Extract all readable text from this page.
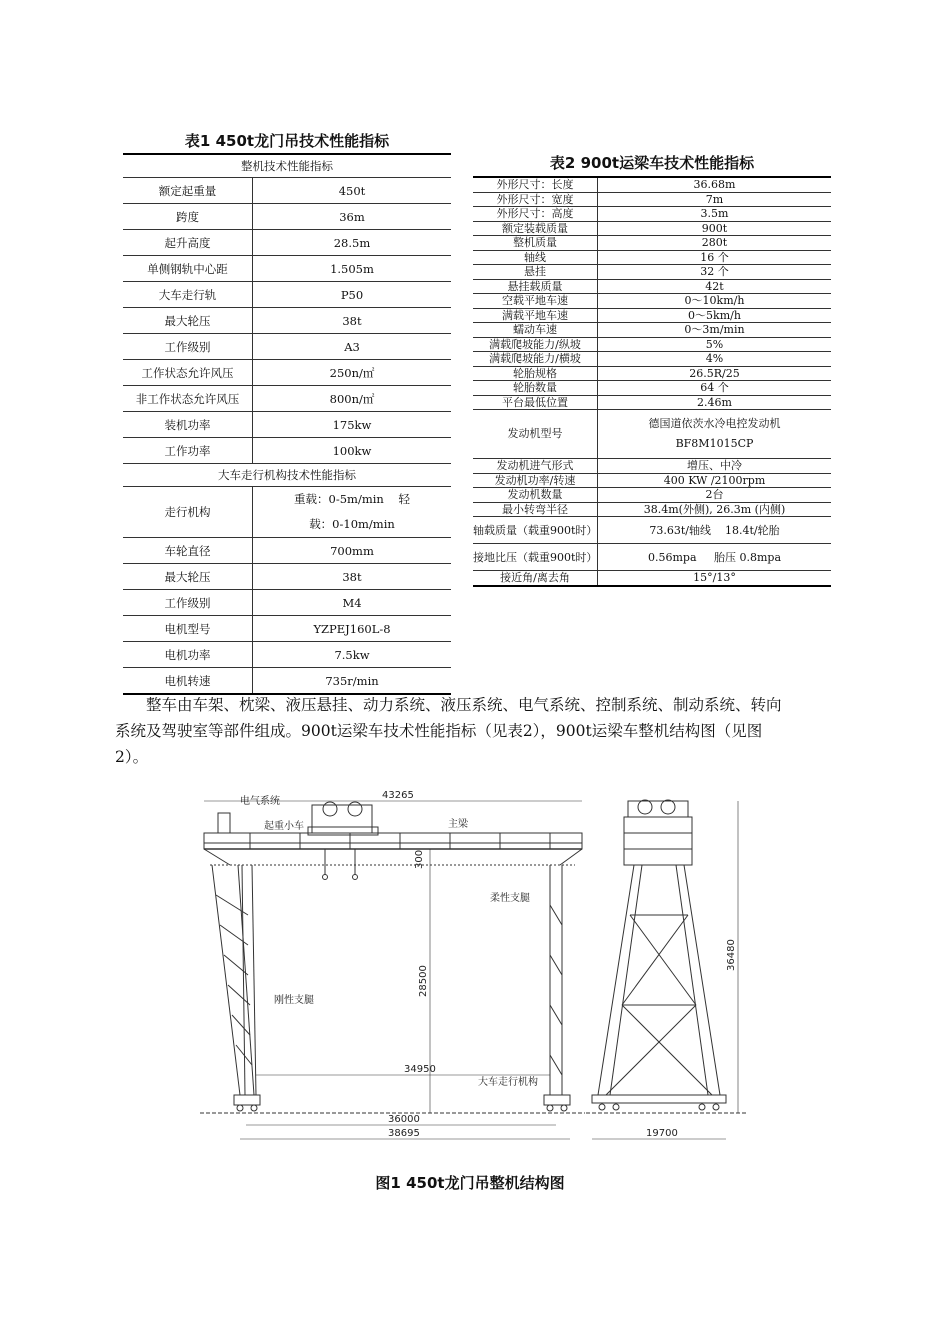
表1 450t龙门吊技术性能指标
整机技术性能指标	
额定起重量	450t
跨度	36m
起升高度	28.5m
单侧钢轨中心距	1.505m
大车走行轨	P50
最大轮压	38t
工作级别	A3
工作状态允许风压	250n/㎡
非工作状态允许风压	800n/㎡
装机功率	175kw
工作功率	100kw
大车走行机构技术性能指标	
走行机构	重载：0-5m/min    轻
载：0-10m/min

车轮直径	700mm
最大轮压	38t
工作级别	M4
电机型号	YZPEJ160L-8
电机功率	7.5kw
电机转速	735r/min
表2 900t运梁车技术性能指标
外形尺寸：长度	36.68m
外形尺寸：宽度	7m
外形尺寸：高度	3.5m
额定装载质量	900t
整机质量	280t
轴线	16 个
悬挂	32 个
悬挂载质量	42t
空载平地车速	0～10km/h
满载平地车速	0～5km/h
蠕动车速	0～3m/min
满载爬坡能力/纵坡	5%
满载爬坡能力/横坡	4%
轮胎规格	26.5R/25
轮胎数量	64 个
平台最低位置	2.46m
发动机型号	德国道依茨水冷电控发动机
BF8M1015CP

发动机进气形式	增压、中冷
发动机功率/转速	400 KW /2100rpm
发动机数量	2台
最小转弯半径	38.4m(外侧), 26.3m (内侧)
轴载质量（载重900t时）	73.63t/轴线    18.4t/轮胎
接地比压（载重900t时）	0.56mpa     胎压 0.8mpa
接近角/离去角	15°/13°
整车由车架、枕梁、液压悬挂、动力系统、液压系统、电气系统、控制系统、制动系统、转向
系统及驾驶室等部件组成。900t运梁车技术性能指标（见表2），900t运梁车整机结构图（见图
2）。
电气系统
起重小车	主梁
柔性支腿
刚性支腿
大车走行机构
43265
300
28500
34950
36000
38695
36480
19700
图1 450t龙门吊整机结构图
